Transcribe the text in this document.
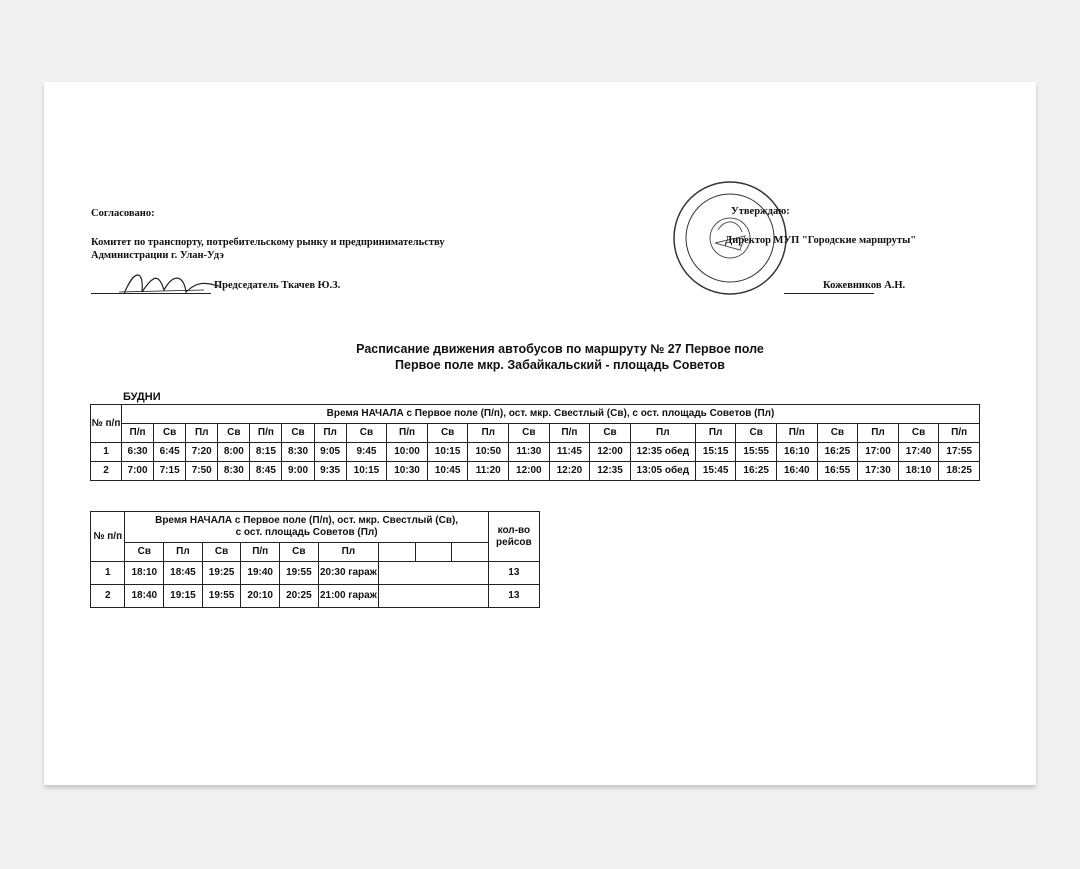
Согласовано:
Комитет по транспорту, потребительскому рынку и предпринимательству
Администрации г. Улан-Удэ
Председатель Ткачев Ю.З.
Утверждаю:
Директор МУП "Городские маршруты"
Кожевников А.Н.
Расписание движения автобусов по маршруту № 27 Первое поле
Первое поле мкр. Забайкальский - площадь Советов
БУДНИ
№ п/п	Время НАЧАЛА с Первое поле (П/п), ост. мкр. Свестлый (Св), с ост. площадь Советов (Пл)																					
	П/п	Св	Пл	Св	П/п	Св	Пл	Св	П/п	Св	Пл	Св	П/п	Св	Пл	Пл	Св	П/п	Св	Пл	Св	П/п
1	6:30	6:45	7:20	8:00	8:15	8:30	9:05	9:45	10:00	10:15	10:50	11:30	11:45	12:00	12:35 обед	15:15	15:55	16:10	16:25	17:00	17:40	17:55
2	7:00	7:15	7:50	8:30	8:45	9:00	9:35	10:15	10:30	10:45	11:20	12:00	12:20	12:35	13:05 обед	15:45	16:25	16:40	16:55	17:30	18:10	18:25
№ п/п	Время НАЧАЛА с Первое поле (П/п), ост. мкр. Свестлый (Св),
с ост. площадь Советов (Пл)									кол-во рейсов
	Св	Пл	Св	П/п	Св	Пл				
1	18:10	18:45	19:25	19:40	19:55	20:30 гараж				13
2	18:40	19:15	19:55	20:10	20:25	21:00 гараж				13
